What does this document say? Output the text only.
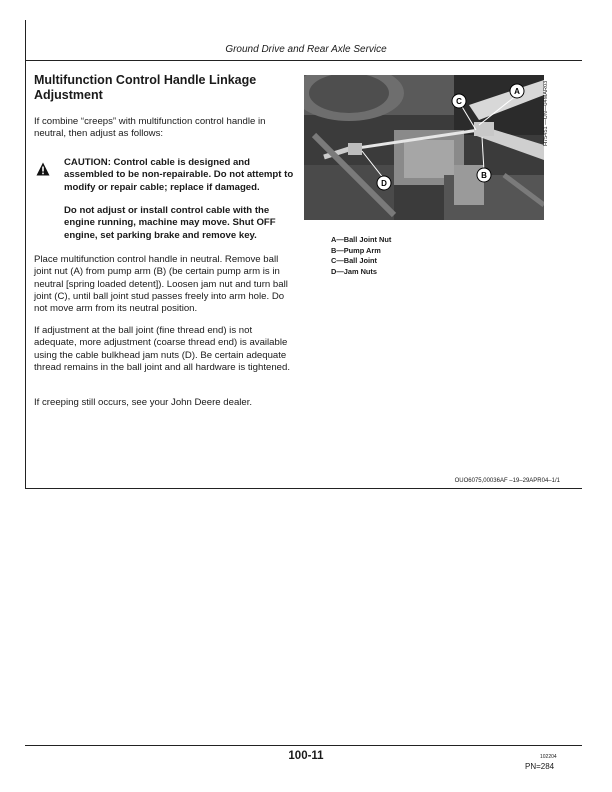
Ground Drive and Rear Axle Service
Multifunction Control Handle Linkage Adjustment

If combine “creeps” with multifunction control handle in neutral, then adjust as follows:

CAUTION: Control cable is designed and assembled to be non-repairable. Do not attempt to modify or repair cable; replace if damaged.

Do not adjust or install control cable with the engine running, machine may move. Shut OFF engine, set parking brake and remove key.

Place multifunction control handle in neutral. Remove ball joint nut (A) from pump arm (B) (be certain pump arm is in neutral [spring loaded detent]). Loosen jam nut and turn ball joint (C), until ball joint stud passes freely into arm hole. Do not move arm from its neutral position.

If adjustment at the ball joint (fine thread end) is not adequate, more adjustment (coarse thread end) is available using the cable bulkhead jam nuts (D). Be certain adequate thread remains in the ball joint and all hardware is tightened.

If creeping still occurs, see your John Deere dealer.

A
B
C
D
H75451 —UN—04MAR03
A—Ball Joint Nut
B—Pump Arm
C—Ball Joint
D—Jam Nuts
OUO6075,00036AF –19–29APR04–1/1
100-11	102204
PN=284
